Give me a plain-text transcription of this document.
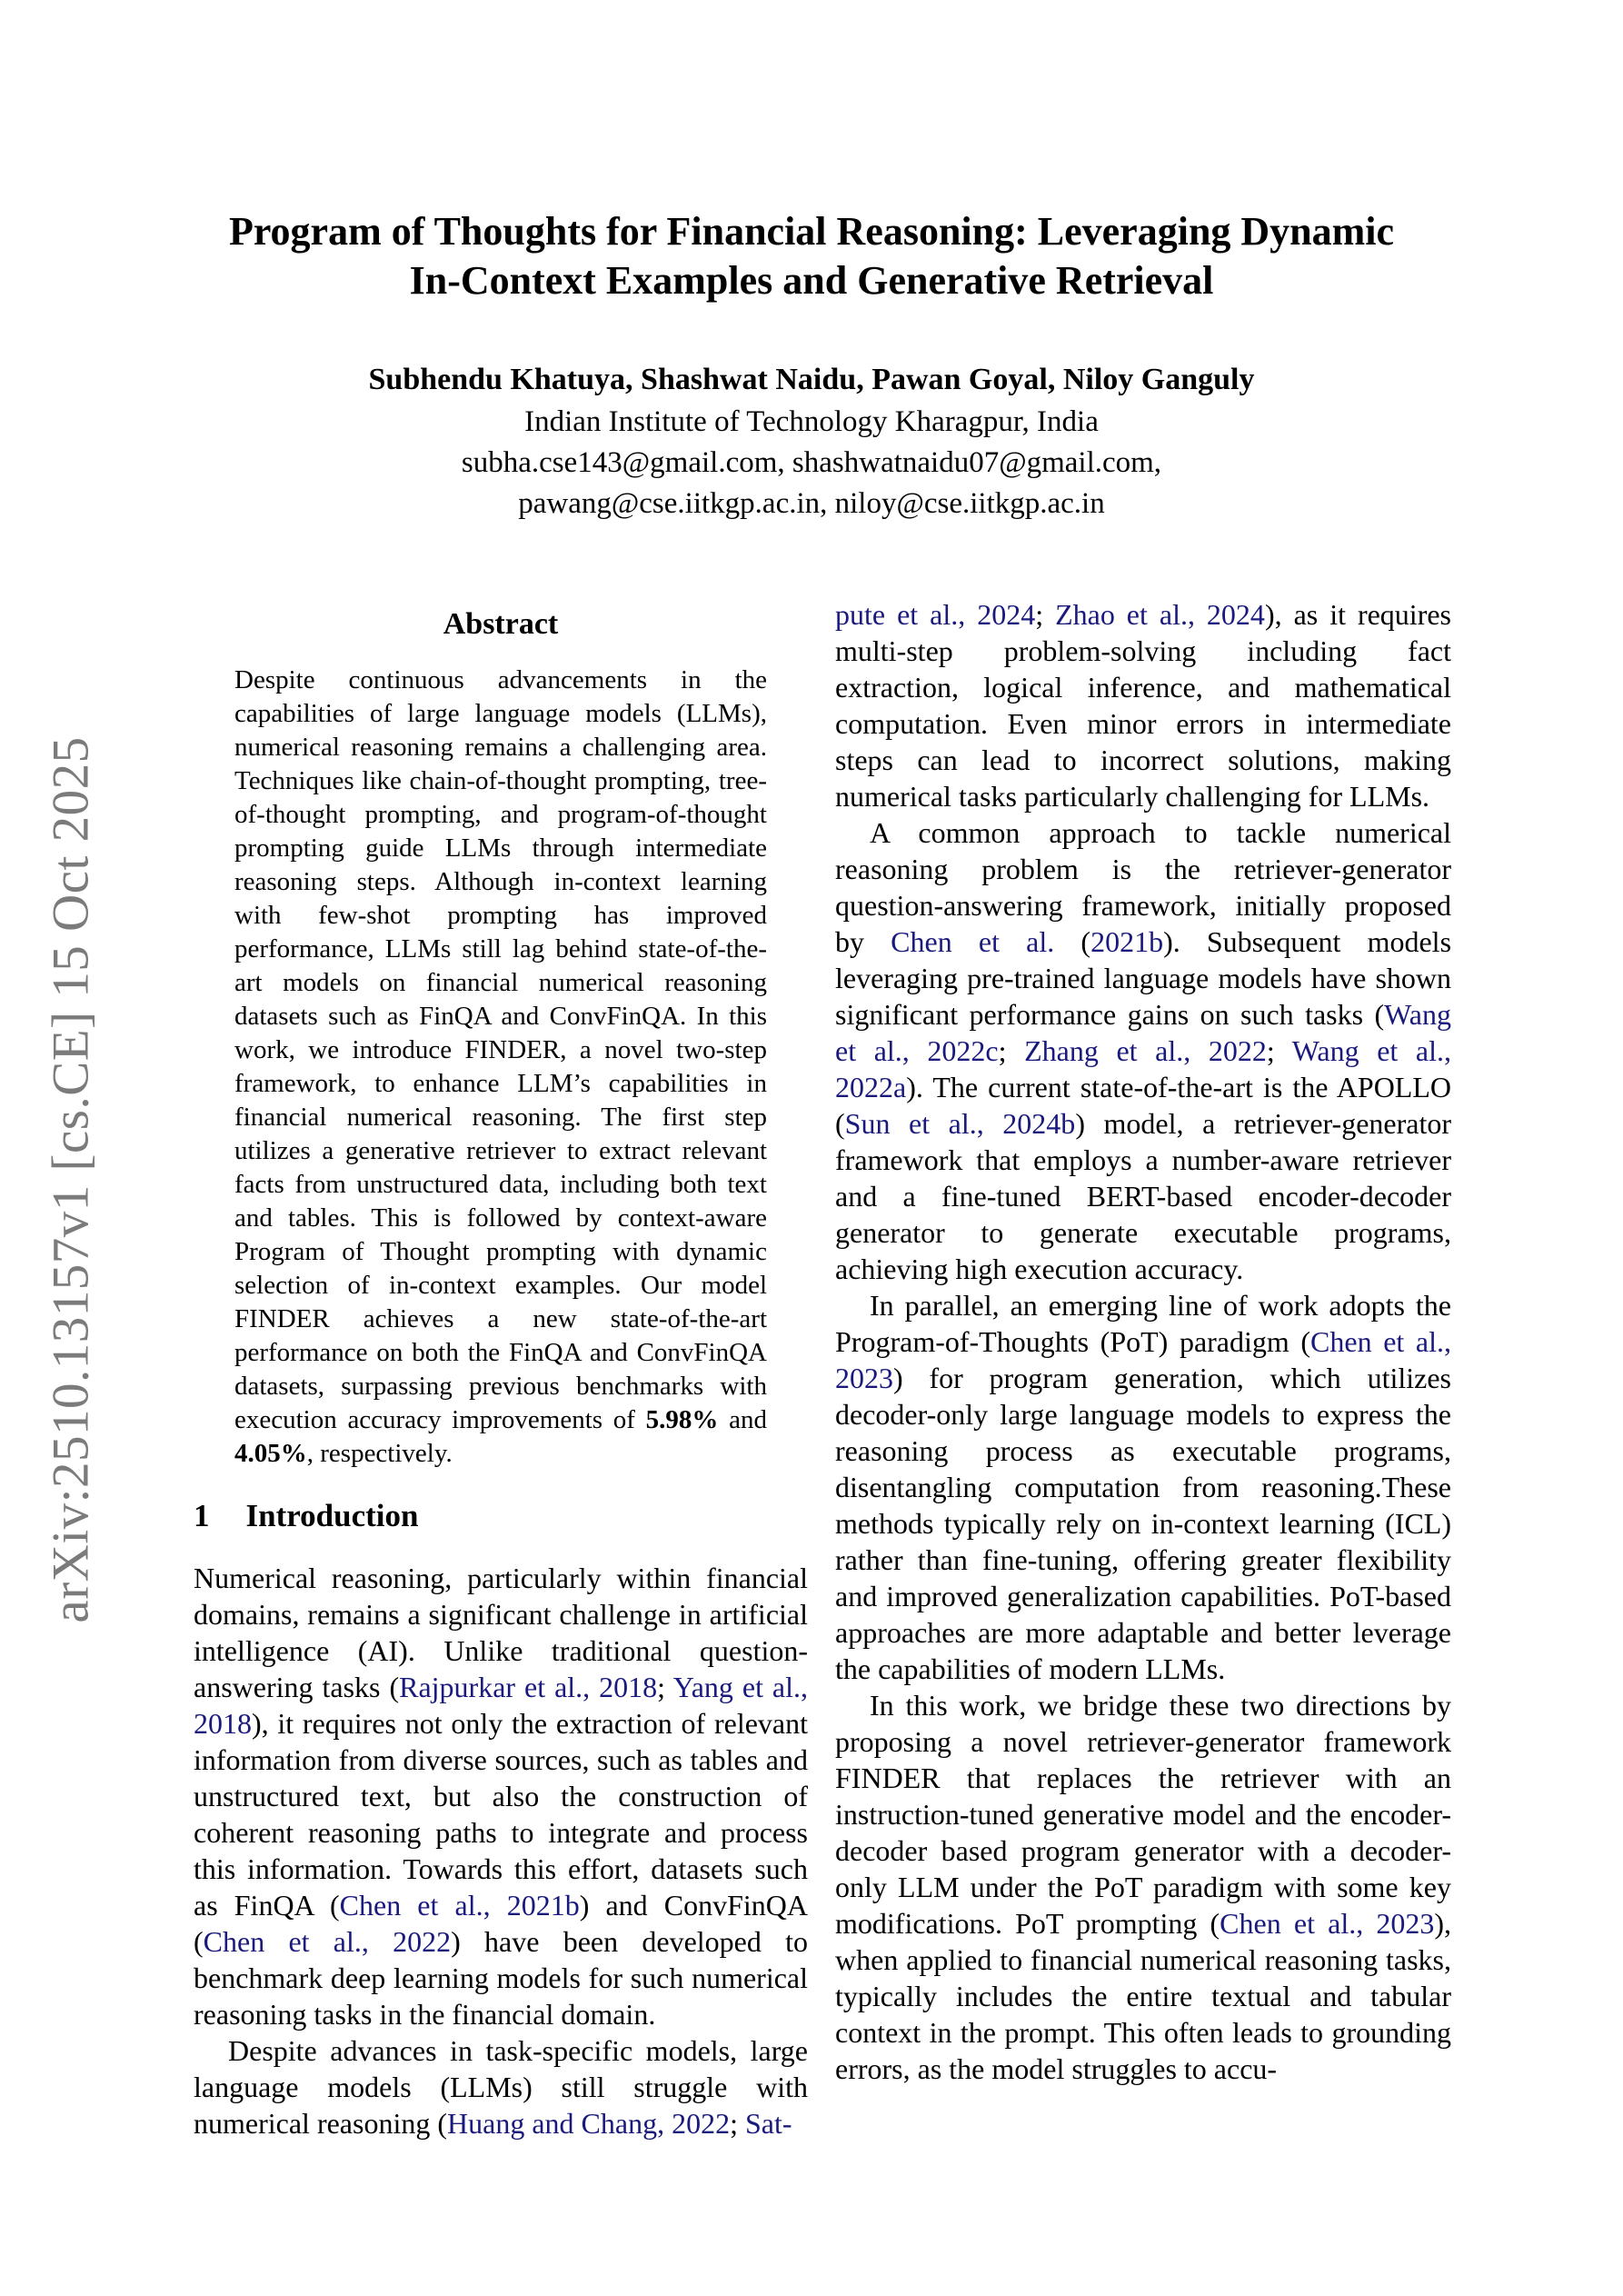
arXiv:2510.13157v1 [cs.CE] 15 Oct 2025
Program of Thoughts for Financial Reasoning: Leveraging Dynamic
In-Context Examples and Generative Retrieval
Subhendu Khatuya, Shashwat Naidu, Pawan Goyal, Niloy Ganguly
Indian Institute of Technology Kharagpur, India
subha.cse143@gmail.com, shashwatnaidu07@gmail.com,
pawang@cse.iitkgp.ac.in, niloy@cse.iitkgp.ac.in
Abstract
Despite continuous advancements in the capabilities of large language models (LLMs), numerical reasoning remains a challenging area. Techniques like chain-of-thought prompting, tree-of-thought prompting, and program-of-thought prompting guide LLMs through intermediate reasoning steps. Although in-context learning with few-shot prompting has improved performance, LLMs still lag behind state-of-the-art models on financial numerical reasoning datasets such as FinQA and ConvFinQA. In this work, we introduce FINDER, a novel two-step framework, to enhance LLM’s capabilities in financial numerical reasoning. The first step utilizes a generative retriever to extract relevant facts from unstructured data, including both text and tables. This is followed by context-aware Program of Thought prompting with dynamic selection of in-context examples. Our model FINDER achieves a new state-of-the-art performance on both the FinQA and ConvFinQA datasets, surpassing previous benchmarks with execution accuracy improvements of 5.98% and 4.05%, respectively.
1 Introduction

Numerical reasoning, particularly within financial domains, remains a significant challenge in artificial intelligence (AI). Unlike traditional question-answering tasks (Rajpurkar et al., 2018; Yang et al., 2018), it requires not only the extraction of relevant information from diverse sources, such as tables and unstructured text, but also the construction of coherent reasoning paths to integrate and process this information. Towards this effort, datasets such as FinQA (Chen et al., 2021b) and ConvFinQA (Chen et al., 2022) have been developed to benchmark deep learning models for such numerical reasoning tasks in the financial domain.

Despite advances in task-specific models, large language models (LLMs) still struggle with numerical reasoning (Huang and Chang, 2022; Sat-

pute et al., 2024; Zhao et al., 2024), as it requires multi-step problem-solving including fact extraction, logical inference, and mathematical computation. Even minor errors in intermediate steps can lead to incorrect solutions, making numerical tasks particularly challenging for LLMs.

A common approach to tackle numerical reasoning problem is the retriever-generator question-answering framework, initially proposed by Chen et al. (2021b). Subsequent models leveraging pre-trained language models have shown significant performance gains on such tasks (Wang et al., 2022c; Zhang et al., 2022; Wang et al., 2022a). The current state-of-the-art is the APOLLO (Sun et al., 2024b) model, a retriever-generator framework that employs a number-aware retriever and a fine-tuned BERT-based encoder-decoder generator to generate executable programs, achieving high execution accuracy.

In parallel, an emerging line of work adopts the Program-of-Thoughts (PoT) paradigm (Chen et al., 2023) for program generation, which utilizes decoder-only large language models to express the reasoning process as executable programs, disentangling computation from reasoning.These methods typically rely on in-context learning (ICL) rather than fine-tuning, offering greater flexibility and improved generalization capabilities. PoT-based approaches are more adaptable and better leverage the capabilities of modern LLMs.

In this work, we bridge these two directions by proposing a novel retriever-generator framework FINDER that replaces the retriever with an instruction-tuned generative model and the encoder-decoder based program generator with a decoder-only LLM under the PoT paradigm with some key modifications. PoT prompting (Chen et al., 2023), when applied to financial numerical reasoning tasks, typically includes the entire textual and tabular context in the prompt. This often leads to grounding errors, as the model struggles to accu-
